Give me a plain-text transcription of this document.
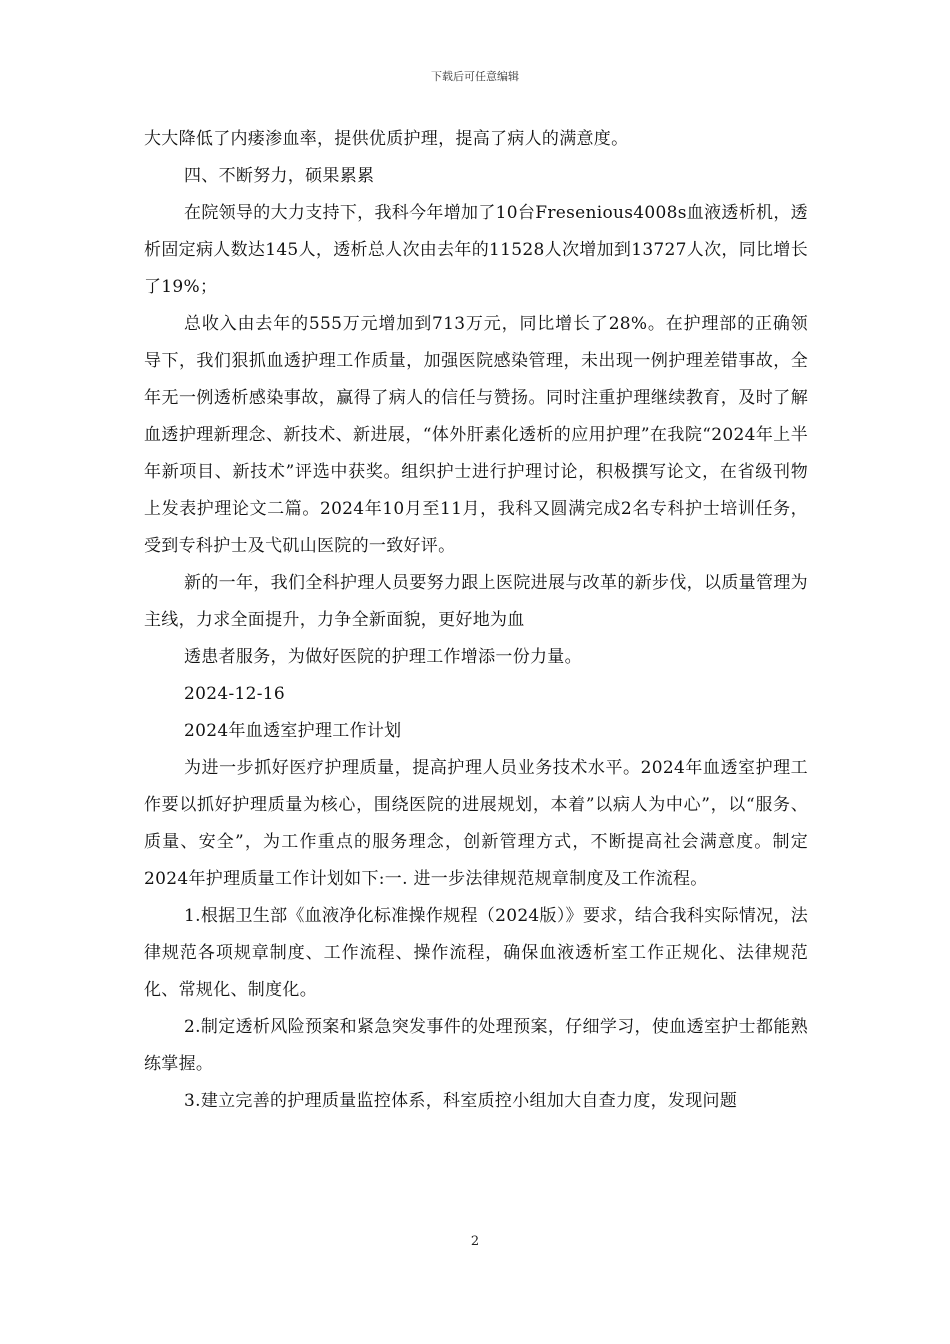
下载后可任意编辑

大大降低了内瘘渗血率，提供优质护理，提高了病人的满意度。

四、不断努力，硕果累累

在院领导的大力支持下，我科今年增加了10台Fresenious4008s血液透析机，透析固定病人数达145人，透析总人次由去年的11528人次增加到13727人次，同比增长了19%；

总收入由去年的555万元增加到713万元，同比增长了28%。在护理部的正确领导下，我们狠抓血透护理工作质量，加强医院感染管理，未出现一例护理差错事故，全年无一例透析感染事故，赢得了病人的信任与赞扬。同时注重护理继续教育，及时了解血透护理新理念、新技术、新进展，“体外肝素化透析的应用护理”在我院“2024年上半年新项目、新技术”评选中获奖。组织护士进行护理讨论，积极撰写论文，在省级刊物上发表护理论文二篇。2024年10月至11月，我科又圆满完成2名专科护士培训任务，受到专科护士及弋矶山医院的一致好评。

新的一年，我们全科护理人员要努力跟上医院进展与改革的新步伐，以质量管理为主线，力求全面提升，力争全新面貌，更好地为血

透患者服务，为做好医院的护理工作增添一份力量。

2024-12-16

2024年血透室护理工作计划

为进一步抓好医疗护理质量，提高护理人员业务技术水平。2024年血透室护理工作要以抓好护理质量为核心，围绕医院的进展规划，本着”以病人为中心”，以“服务、质量、安全”，为工作重点的服务理念，创新管理方式，不断提高社会满意度。制定2024年护理质量工作计划如下:一. 进一步法律规范规章制度及工作流程。

1.根据卫生部《血液净化标准操作规程（2024版）》要求，结合我科实际情况，法律规范各项规章制度、工作流程、操作流程，确保血液透析室工作正规化、法律规范化、常规化、制度化。

2.制定透析风险预案和紧急突发事件的处理预案，仔细学习，使血透室护士都能熟练掌握。

3.建立完善的护理质量监控体系，科室质控小组加大自查力度，发现问题

2
